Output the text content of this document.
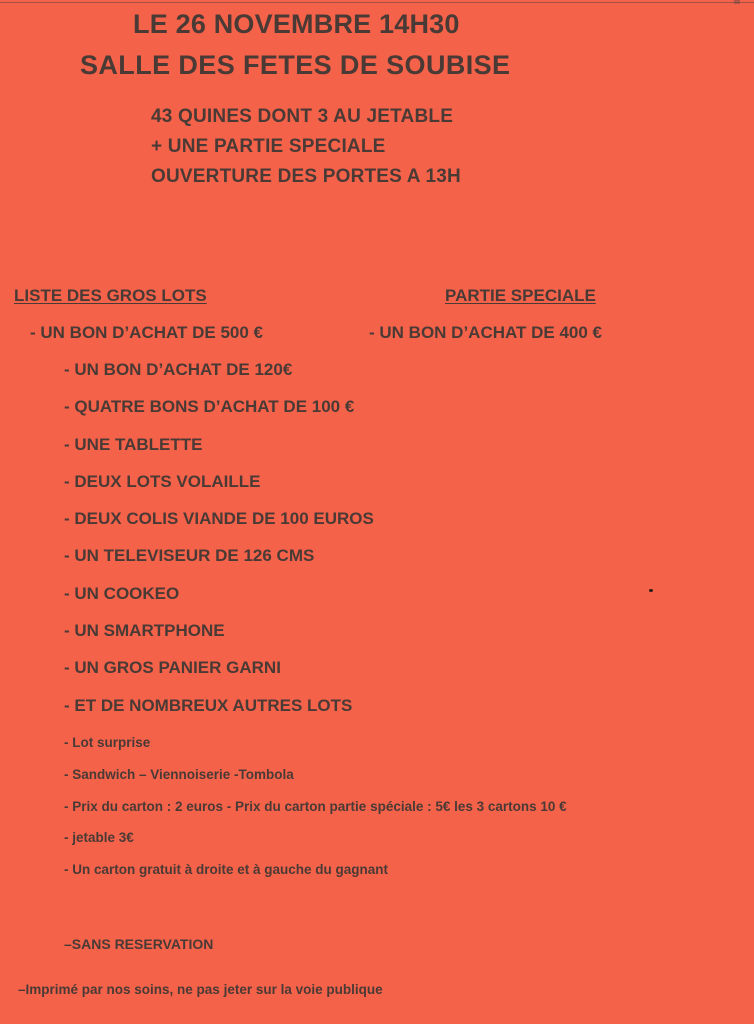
LE 26 NOVEMBRE 14H30
SALLE DES FETES DE SOUBISE

43 QUINES DONT 3 AU JETABLE

+ UNE PARTIE SPECIALE

OUVERTURE DES PORTES A 13H

LISTE DES GROS LOTS	PARTIE SPECIALE

- UN BON D’ACHAT DE 500 €	- UN BON D’ACHAT DE 400 €

- UN BON D’ACHAT DE 120€
- QUATRE BONS D’ACHAT DE 100 €
- UNE TABLETTE
- DEUX LOTS VOLAILLE
- DEUX COLIS VIANDE DE 100 EUROS
- UN TELEVISEUR DE 126 CMS
- UN COOKEO
- UN SMARTPHONE
- UN GROS PANIER GARNI
- ET DE NOMBREUX AUTRES LOTS
- Lot surprise
- Sandwich – Viennoiserie -Tombola
- Prix du carton : 2 euros - Prix du carton partie spéciale : 5€ les 3 cartons 10 €
- jetable 3€
- Un carton gratuit à droite et à gauche du gagnant

–SANS RESERVATION

–Imprimé par nos soins, ne pas jeter sur la voie publique
